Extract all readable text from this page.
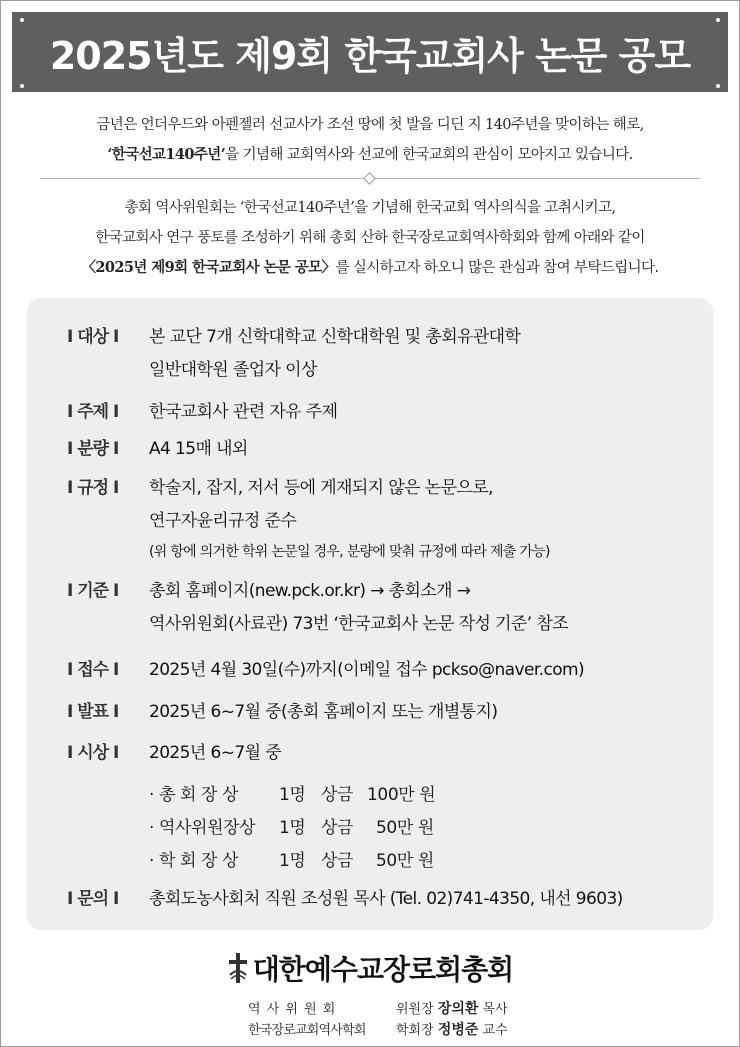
2025년도 제9회 한국교회사 논문 공모
금년은 언더우드와 아펜젤러 선교사가 조선 땅에 첫 발을 디딘 지 140주년을 맞이하는 해로,
‘한국선교140주년’을 기념해 교회역사와 선교에 한국교회의 관심이 모아지고 있습니다.
총회 역사위원회는 ‘한국선교140주년’을 기념해 한국교회 역사의식을 고취시키고,
한국교회사 연구 풍토를 조성하기 위해 총회 산하 한국장로교회역사학회와 함께 아래와 같이
〈2025년 제9회 한국교회사 논문 공모〉를 실시하고자 하오니 많은 관심과 참여 부탁드립니다.
I 대상 I	본 교단 7개 신학대학교 신학대학원 및 총회유관대학
일반대학원 졸업자 이상
I 주제 I	한국교회사 관련 자유 주제
I 분량 I	A4 15매 내외
I 규정 I	학술지, 잡지, 저서 등에 게재되지 않은 논문으로,
연구자윤리규정 준수
(위 항에 의거한 학위 논문일 경우, 분량에 맞춰 규정에 따라 제출 가능)
I 기준 I	총회 홈페이지(new.pck.or.kr) → 총회소개 →
역사위원회(사료관) 73번 ‘한국교회사 논문 작성 기준’ 참조
I 접수 I	2025년 4월 30일(수)까지(이메일 접수 pckso@naver.com)
I 발표 I	2025년 6~7월 중(총회 홈페이지 또는 개별통지)
I 시상 I	2025년 6~7월 중
· 총 회 장 상 1명 상금 100만 원
· 역사위원장상 1명 상금 50만 원
· 학 회 장 상 1명 상금 50만 원
I 문의 I	총회도농사회처 직원 조성원 목사 (Tel. 02)741-4350, 내선 9603)
대한예수교장로회총회
역 사 위 원 회	위원장 장의환 목사
한국장로교회역사학회 학회장 정병준 교수
